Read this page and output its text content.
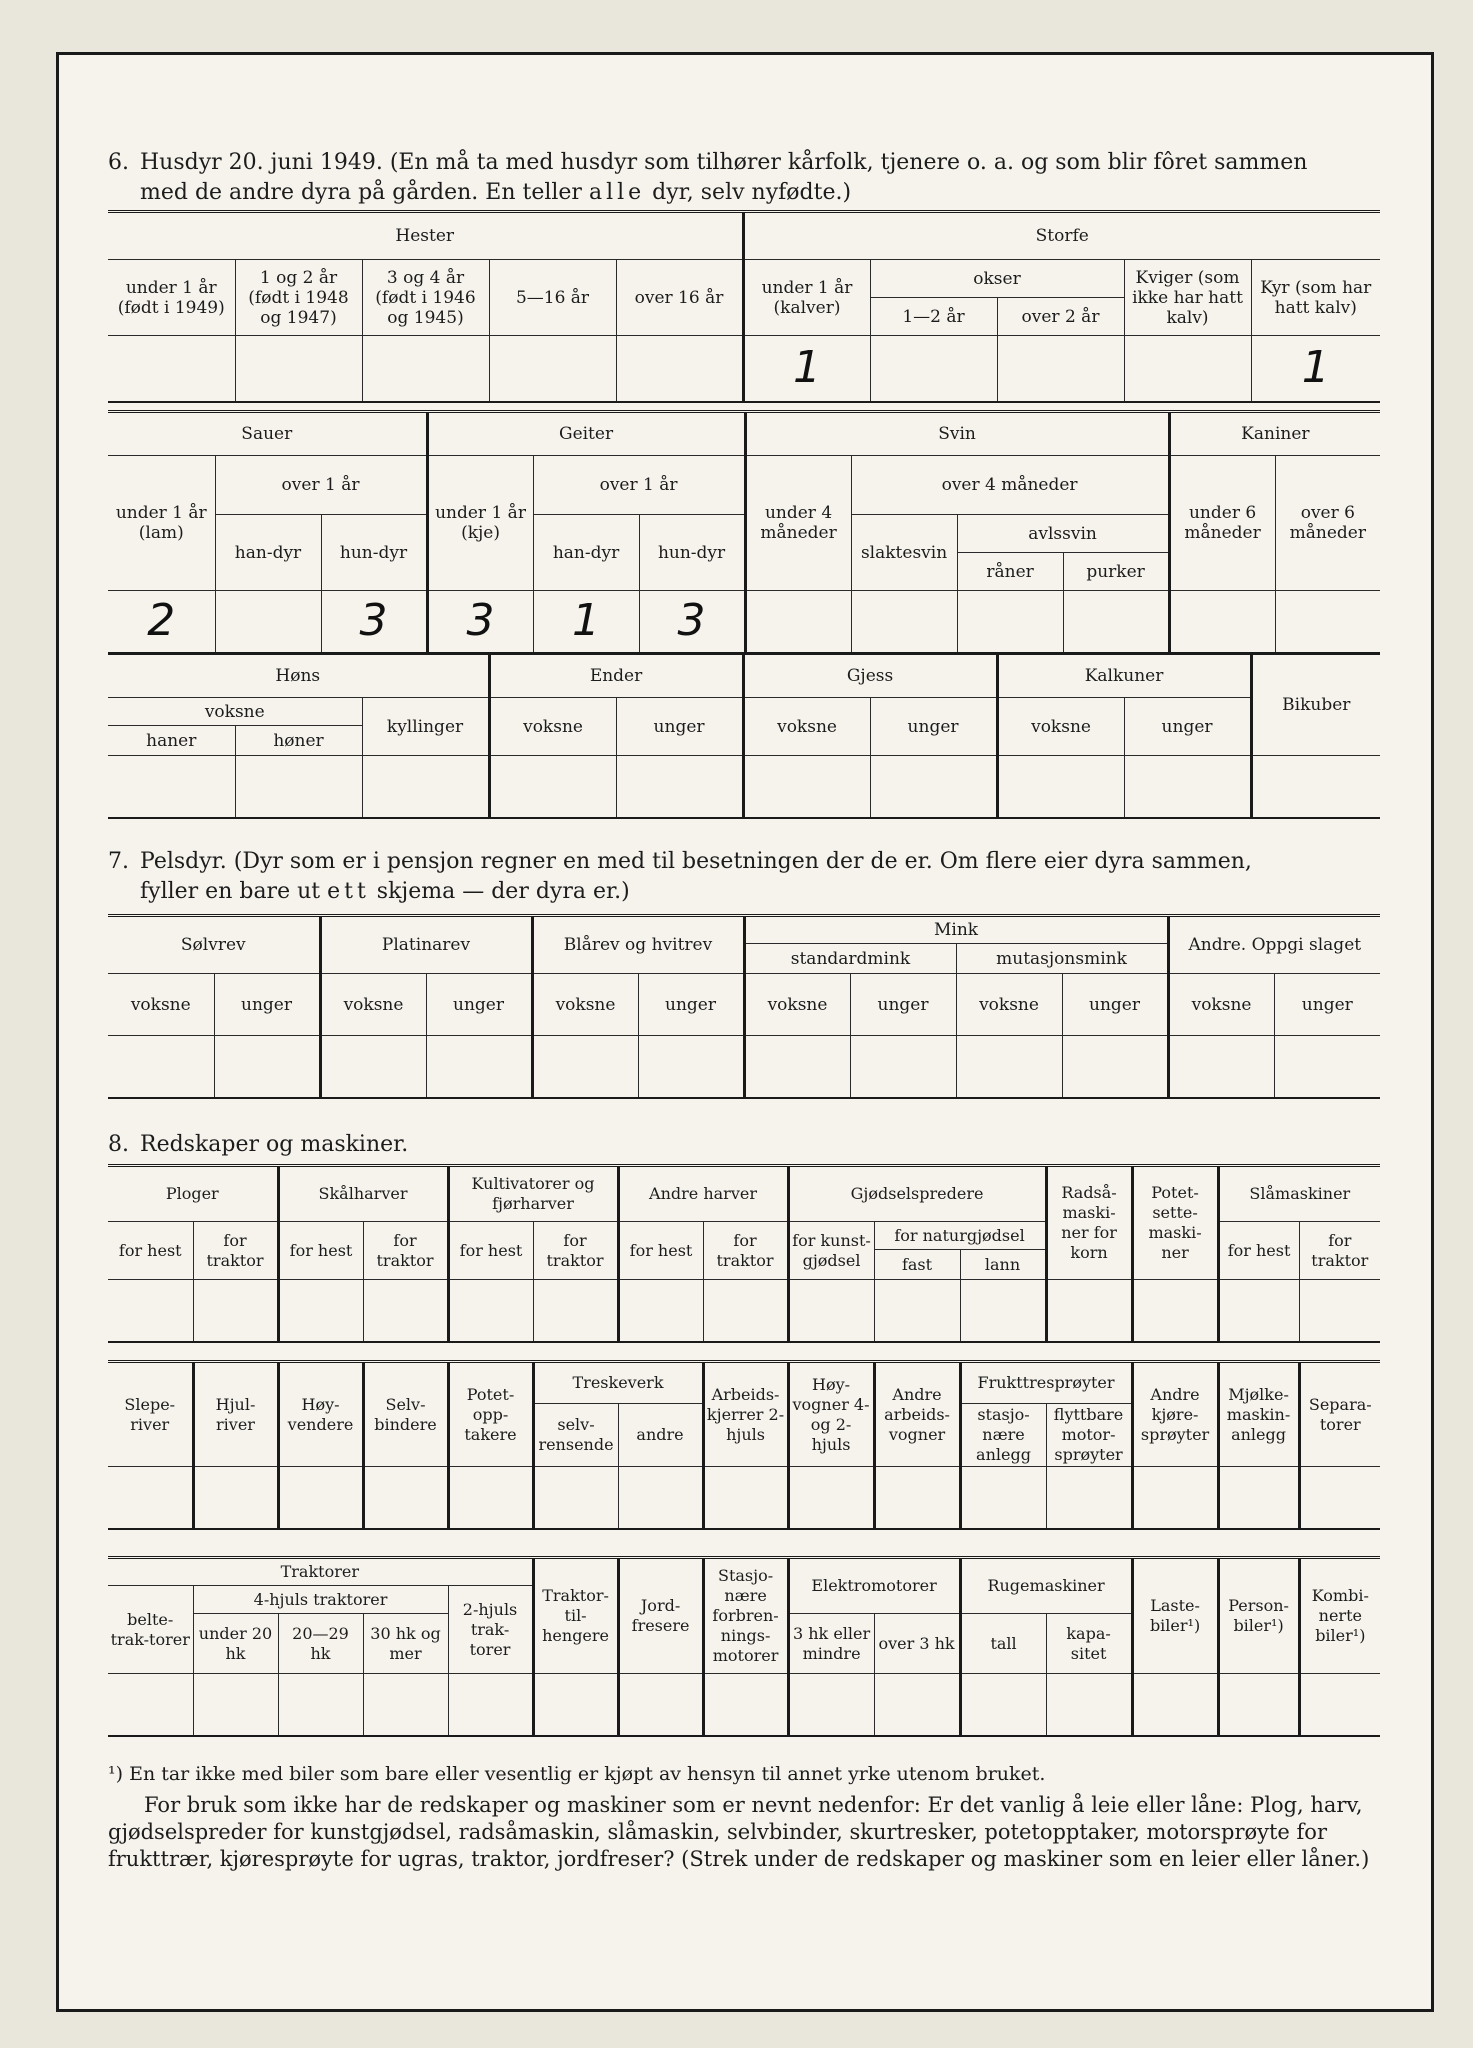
6. Husdyr 20. juni 1949. (En må ta med husdyr som tilhører kårfolk, tjenere o. a. og som blir fôret sammen
med de andre dyra på gården. En teller alle dyr, selv nyfødte.)
Hester					Storfe				
under 1 år (født i 1949)	1 og 2 år (født i 1948 og 1947)	3 og 4 år (født i 1946 og 1945)	5—16 år	over 16 år	under 1 år (kalver)	okser		Kviger (som ikke har hatt kalv)	Kyr (som har hatt kalv)
						1—2 år	over 2 år		
					1				1
Sauer			Geiter			Svin				Kaniner	
under 1 år (lam)	over 1 år		under 1 år (kje)	over 1 år		under 4 måneder	over 4 måneder			under 6 måneder	over 6 måneder
	han-dyr	hun-dyr		han-dyr	hun-dyr		slaktesvin	avlssvin			
								råner	purker		
2		3	3	1	3						
Høns			Ender		Gjess		Kalkuner		Bikuber
voksne		kyllinger	voksne	unger	voksne	unger	voksne	unger	
haner	høner								

7. Pelsdyr. (Dyr som er i pensjon regner en med til besetningen der de er. Om flere eier dyra sammen,
fyller en bare ut ett skjema — der dyra er.)
Sølvrev		Platinarev		Blårev og hvitrev		Mink				Andre. Oppgi slaget	
						standardmink		mutasjonsmink			
voksne	unger	voksne	unger	voksne	unger	voksne	unger	voksne	unger	voksne	unger

8. Redskaper og maskiner.
Ploger		Skålharver		Kultivatorer og fjørharver		Andre harver		Gjødselspredere			Radså-maski-ner for korn	Potet-sette-maski-ner	Slåmaskiner	
for hest	for traktor	for hest	for traktor	for hest	for traktor	for hest	for traktor	for kunst-gjødsel	for naturgjødsel				for hest	for traktor
									fast	lann				

Slepe-river	Hjul-river	Høy-vendere	Selv-bindere	Potet-opp-takere	Treskeverk		Arbeids-kjerrer 2-hjuls	Høy-vogner 4- og 2-hjuls	Andre arbeids-vogner	Frukttresprøyter		Andre kjøre-sprøyter	Mjølke-maskin-anlegg	Separa-torer
					selv-rensende	andre				stasjo-nære anlegg	flyttbare motor-sprøyter			

Traktorer					Traktor-til-hengere	Jord-fresere	Stasjo-nære forbren-nings-motorer	Elektromotorer		Rugemaskiner		Laste-biler¹)	Person-biler¹)	Kombi-nerte biler¹)
belte-trak-torer	4-hjuls traktorer			2-hjuls trak-torer										
	under 20 hk	20—29 hk	30 hk og mer					3 hk eller mindre	over 3 hk	tall	kapa-sitet			

¹) En tar ikke med biler som bare eller vesentlig er kjøpt av hensyn til annet yrke utenom bruket.
For bruk som ikke har de redskaper og maskiner som er nevnt nedenfor: Er det vanlig å leie eller låne: Plog, harv, gjødselspreder for kunstgjødsel, radsåmaskin, slåmaskin, selvbinder, skurtresker, potetopptaker, motorsprøyte for frukttrær, kjøresprøyte for ugras, traktor, jordfreser? (Strek under de redskaper og maskiner som en leier eller låner.)
